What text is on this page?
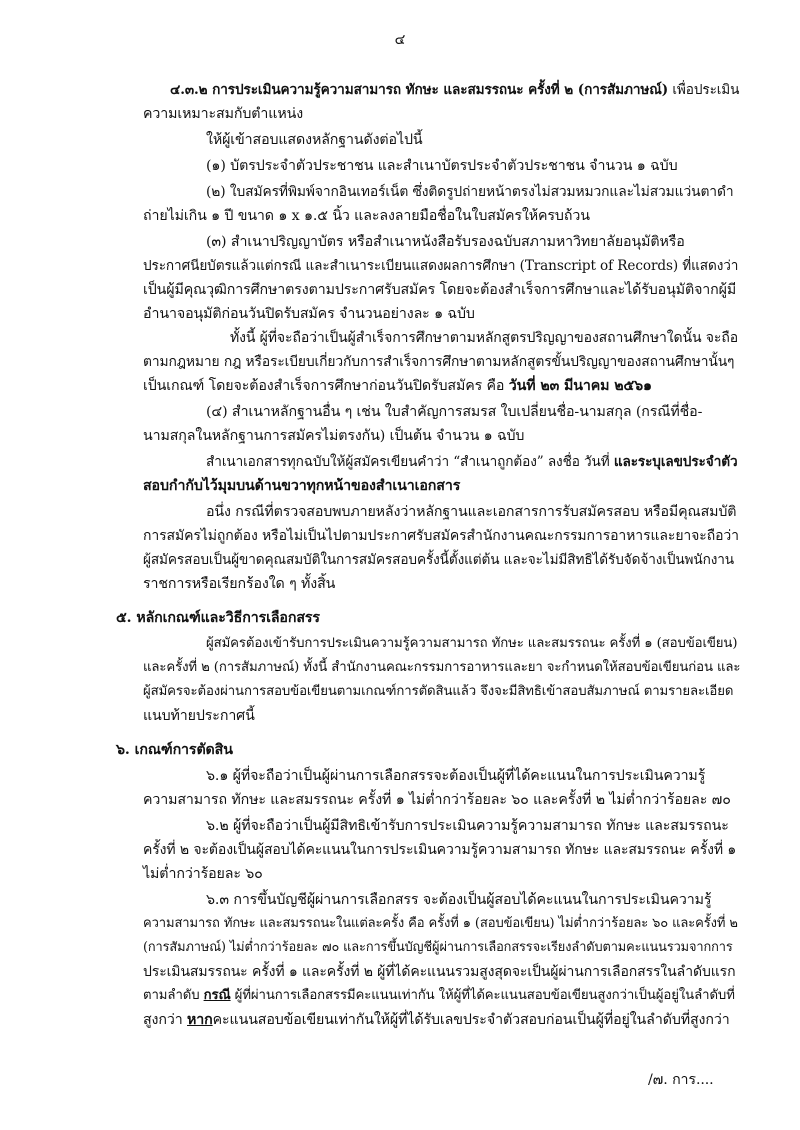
๔
๔.๓.๒ การประเมินความรู้ความสามารถ ทักษะ และสมรรถนะ ครั้งที่ ๒ (การสัมภาษณ์) เพื่อประเมิน
ความเหมาะสมกับตำแหน่ง
ให้ผู้เข้าสอบแสดงหลักฐานดังต่อไปนี้
(๑) บัตรประจำตัวประชาชน และสำเนาบัตรประจำตัวประชาชน จำนวน ๑ ฉบับ
(๒) ใบสมัครที่พิมพ์จากอินเทอร์เน็ต ซึ่งติดรูปถ่ายหน้าตรงไม่สวมหมวกและไม่สวมแว่นตาดำ
ถ่ายไม่เกิน ๑ ปี ขนาด ๑ x ๑.๕ นิ้ว และลงลายมือชื่อในใบสมัครให้ครบถ้วน
(๓) สำเนาปริญญาบัตร หรือสำเนาหนังสือรับรองฉบับสภามหาวิทยาลัยอนุมัติหรือ
ประกาศนียบัตรแล้วแต่กรณี และสำเนาระเบียนแสดงผลการศึกษา (Transcript of Records) ที่แสดงว่า
เป็นผู้มีคุณวุฒิการศึกษาตรงตามประกาศรับสมัคร โดยจะต้องสำเร็จการศึกษาและได้รับอนุมัติจากผู้มี
อำนาจอนุมัติก่อนวันปิดรับสมัคร จำนวนอย่างละ ๑ ฉบับ
ทั้งนี้ ผู้ที่จะถือว่าเป็นผู้สำเร็จการศึกษาตามหลักสูตรปริญญาของสถานศึกษาใดนั้น จะถือ
ตามกฎหมาย กฎ หรือระเบียบเกี่ยวกับการสำเร็จการศึกษาตามหลักสูตรขั้นปริญญาของสถานศึกษานั้นๆ
เป็นเกณฑ์ โดยจะต้องสำเร็จการศึกษาก่อนวันปิดรับสมัคร คือ วันที่ ๒๓ มีนาคม ๒๕๖๑
(๔) สำเนาหลักฐานอื่น ๆ เช่น ใบสำคัญการสมรส ใบเปลี่ยนชื่อ-นามสกุล (กรณีที่ชื่อ-
นามสกุลในหลักฐานการสมัครไม่ตรงกัน) เป็นต้น จำนวน ๑ ฉบับ
สำเนาเอกสารทุกฉบับให้ผู้สมัครเขียนคำว่า “สำเนาถูกต้อง” ลงชื่อ วันที่ และระบุเลขประจำตัว
สอบกำกับไว้มุมบนด้านขวาทุกหน้าของสำเนาเอกสาร
อนึ่ง กรณีที่ตรวจสอบพบภายหลังว่าหลักฐานและเอกสารการรับสมัครสอบ หรือมีคุณสมบัติ
การสมัครไม่ถูกต้อง หรือไม่เป็นไปตามประกาศรับสมัครสำนักงานคณะกรรมการอาหารและยาจะถือว่า
ผู้สมัครสอบเป็นผู้ขาดคุณสมบัติในการสมัครสอบครั้งนี้ตั้งแต่ต้น และจะไม่มีสิทธิได้รับจัดจ้างเป็นพนักงาน
ราชการหรือเรียกร้องใด ๆ ทั้งสิ้น
๕. หลักเกณฑ์และวิธีการเลือกสรร
ผู้สมัครต้องเข้ารับการประเมินความรู้ความสามารถ ทักษะ และสมรรถนะ ครั้งที่ ๑ (สอบข้อเขียน)
และครั้งที่ ๒ (การสัมภาษณ์) ทั้งนี้ สำนักงานคณะกรรมการอาหารและยา จะกำหนดให้สอบข้อเขียนก่อน และ
ผู้สมัครจะต้องผ่านการสอบข้อเขียนตามเกณฑ์การตัดสินแล้ว จึงจะมีสิทธิเข้าสอบสัมภาษณ์ ตามรายละเอียด
แนบท้ายประกาศนี้
๖. เกณฑ์การตัดสิน
๖.๑ ผู้ที่จะถือว่าเป็นผู้ผ่านการเลือกสรรจะต้องเป็นผู้ที่ได้คะแนนในการประเมินความรู้
ความสามารถ ทักษะ และสมรรถนะ ครั้งที่ ๑ ไม่ต่ำกว่าร้อยละ ๖๐ และครั้งที่ ๒ ไม่ต่ำกว่าร้อยละ ๗๐
๖.๒ ผู้ที่จะถือว่าเป็นผู้มีสิทธิเข้ารับการประเมินความรู้ความสามารถ ทักษะ และสมรรถนะ
ครั้งที่ ๒ จะต้องเป็นผู้สอบได้คะแนนในการประเมินความรู้ความสามารถ ทักษะ และสมรรถนะ ครั้งที่ ๑
ไม่ต่ำกว่าร้อยละ ๖๐
๖.๓ การขึ้นบัญชีผู้ผ่านการเลือกสรร จะต้องเป็นผู้สอบได้คะแนนในการประเมินความรู้
ความสามารถ ทักษะ และสมรรถนะในแต่ละครั้ง คือ ครั้งที่ ๑ (สอบข้อเขียน) ไม่ต่ำกว่าร้อยละ ๖๐ และครั้งที่ ๒
(การสัมภาษณ์) ไม่ต่ำกว่าร้อยละ ๗๐ และการขึ้นบัญชีผู้ผ่านการเลือกสรรจะเรียงลำดับตามคะแนนรวมจากการ
ประเมินสมรรถนะ ครั้งที่ ๑ และครั้งที่ ๒ ผู้ที่ได้คะแนนรวมสูงสุดจะเป็นผู้ผ่านการเลือกสรรในลำดับแรก
ตามลำดับ กรณี ผู้ที่ผ่านการเลือกสรรมีคะแนนเท่ากัน ให้ผู้ที่ได้คะแนนสอบข้อเขียนสูงกว่าเป็นผู้อยู่ในลำดับที่
สูงกว่า หากคะแนนสอบข้อเขียนเท่ากันให้ผู้ที่ได้รับเลขประจำตัวสอบก่อนเป็นผู้ที่อยู่ในลำดับที่สูงกว่า
/๗. การ....
